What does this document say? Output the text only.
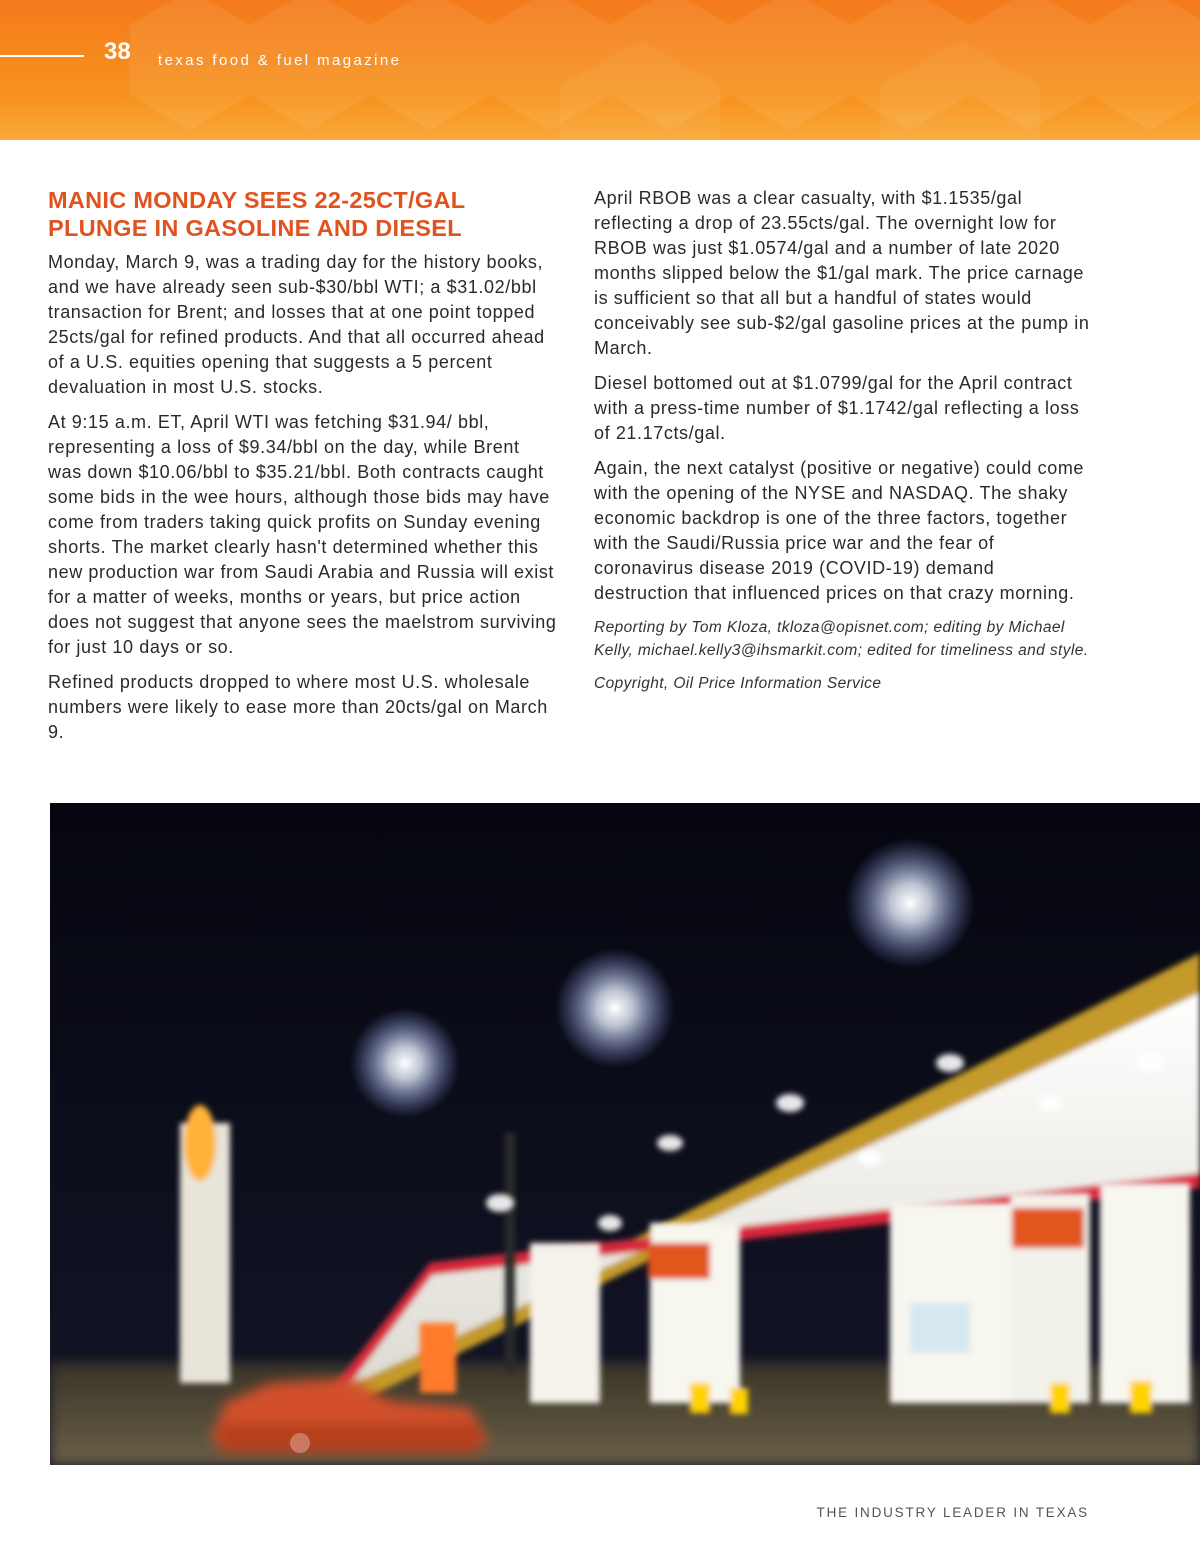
38 texas food & fuel magazine
MANIC MONDAY SEES 22-25CT/GAL
PLUNGE IN GASOLINE AND DIESEL

Monday, March 9, was a trading day for the history books, and we have already seen sub-$30/bbl WTI; a $31.02/bbl transaction for Brent; and losses that at one point topped 25cts/gal for refined products. And that all occurred ahead of a U.S. equities opening that suggests a 5 percent devaluation in most U.S. stocks.

At 9:15 a.m. ET, April WTI was fetching $31.94/ bbl, representing a loss of $9.34/bbl on the day, while Brent was down $10.06/bbl to $35.21/bbl. Both contracts caught some bids in the wee hours, although those bids may have come from traders taking quick profits on Sunday evening shorts. The market clearly hasn't determined whether this new production war from Saudi Arabia and Russia will exist for a matter of weeks, months or years, but price action does not suggest that anyone sees the maelstrom surviving for just 10 days or so.

Refined products dropped to where most U.S. wholesale numbers were likely to ease more than 20cts/gal on March 9.

April RBOB was a clear casualty, with $1.1535/gal reflecting a drop of 23.55cts/gal. The overnight low for RBOB was just $1.0574/gal and a number of late 2020 months slipped below the $1/gal mark. The price carnage is sufficient so that all but a handful of states would conceivably see sub-$2/gal gasoline prices at the pump in March.

Diesel bottomed out at $1.0799/gal for the April contract with a press-time number of $1.1742/gal reflecting a loss of 21.17cts/gal.

Again, the next catalyst (positive or negative) could come with the opening of the NYSE and NASDAQ. The shaky economic backdrop is one of the three factors, together with the Saudi/Russia price war and the fear of coronavirus disease 2019 (COVID-19) demand destruction that influenced prices on that crazy morning.

Reporting by Tom Kloza, tkloza@opisnet.com; editing by Michael Kelly, michael.kelly3@ihsmarkit.com; edited for timeliness and style.

Copyright, Oil Price Information Service

THE INDUSTRY LEADER IN TEXAS
